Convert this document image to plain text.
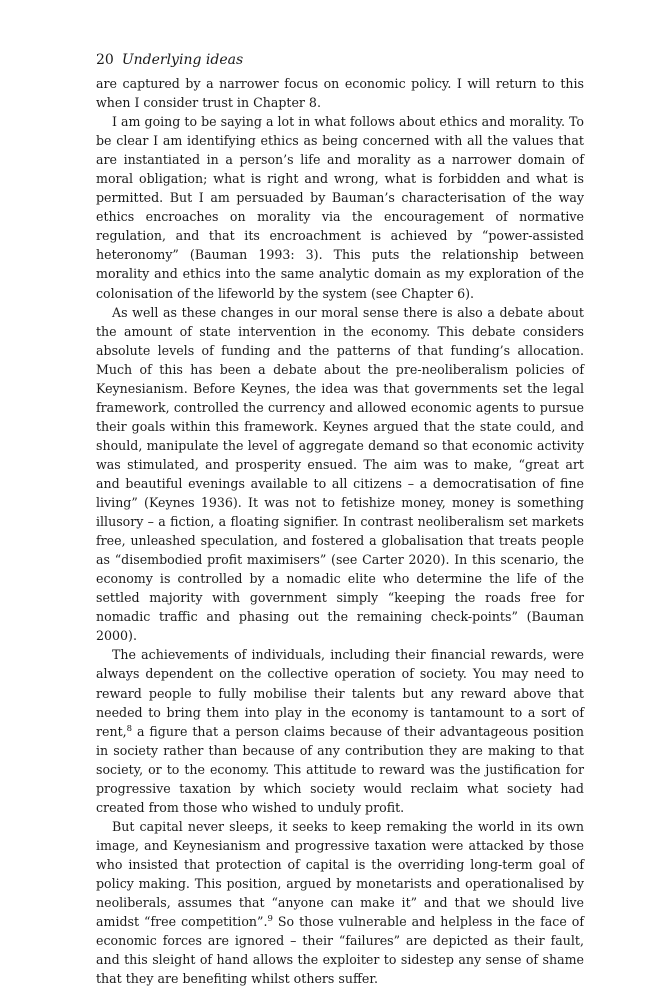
20 Underlying ideas

are captured by a narrower focus on economic policy. I will return to this when I consider trust in Chapter 8.

I am going to be saying a lot in what follows about ethics and morality. To be clear I am identifying ethics as being concerned with all the values that are instantiated in a person’s life and morality as a narrower domain of moral obligation; what is right and wrong, what is forbidden and what is permitted. But I am persuaded by Bauman’s characterisation of the way ethics encroaches on morality via the encouragement of normative regulation, and that its encroachment is achieved by “power-assisted heteronomy” (Bauman 1993: 3). This puts the relationship between morality and ethics into the same analytic domain as my exploration of the colonisation of the lifeworld by the system (see Chapter 6).

As well as these changes in our moral sense there is also a debate about the amount of state intervention in the economy. This debate considers absolute levels of funding and the patterns of that funding’s allocation. Much of this has been a debate about the pre-neoliberalism policies of Keynesianism. Before Keynes, the idea was that governments set the legal framework, controlled the currency and allowed economic agents to pursue their goals within this framework. Keynes argued that the state could, and should, manipulate the level of aggregate demand so that economic activity was stimulated, and prosperity ensued. The aim was to make, “great art and beautiful evenings available to all citizens – a democratisation of fine living” (Keynes 1936). It was not to fetishize money, money is something illusory – a fiction, a floating signifier. In contrast neoliberalism set markets free, unleashed speculation, and fostered a globalisation that treats people as “disembodied profit maximisers” (see Carter 2020). In this scenario, the economy is controlled by a nomadic elite who determine the life of the settled majority with government simply “keeping the roads free for nomadic traffic and phasing out the remaining check-points” (Bauman 2000).

The achievements of individuals, including their financial rewards, were always dependent on the collective operation of society. You may need to reward people to fully mobilise their talents but any reward above that needed to bring them into play in the economy is tantamount to a sort of rent,$^8$ a figure that a person claims because of their advantageous position in society rather than because of any contribution they are making to that society, or to the economy. This attitude to reward was the justification for progressive taxation by which society would reclaim what society had created from those who wished to unduly profit.

But capital never sleeps, it seeks to keep remaking the world in its own image, and Keynesianism and progressive taxation were attacked by those who insisted that protection of capital is the overriding long-term goal of policy making. This position, argued by monetarists and operationalised by neoliberals, assumes that “anyone can make it” and that we should live amidst “free competition”.$^9$ So those vulnerable and helpless in the face of economic forces are ignored – their “failures” are depicted as their fault, and this sleight of hand allows the exploiter to sidestep any sense of shame that they are benefiting whilst others suffer.
